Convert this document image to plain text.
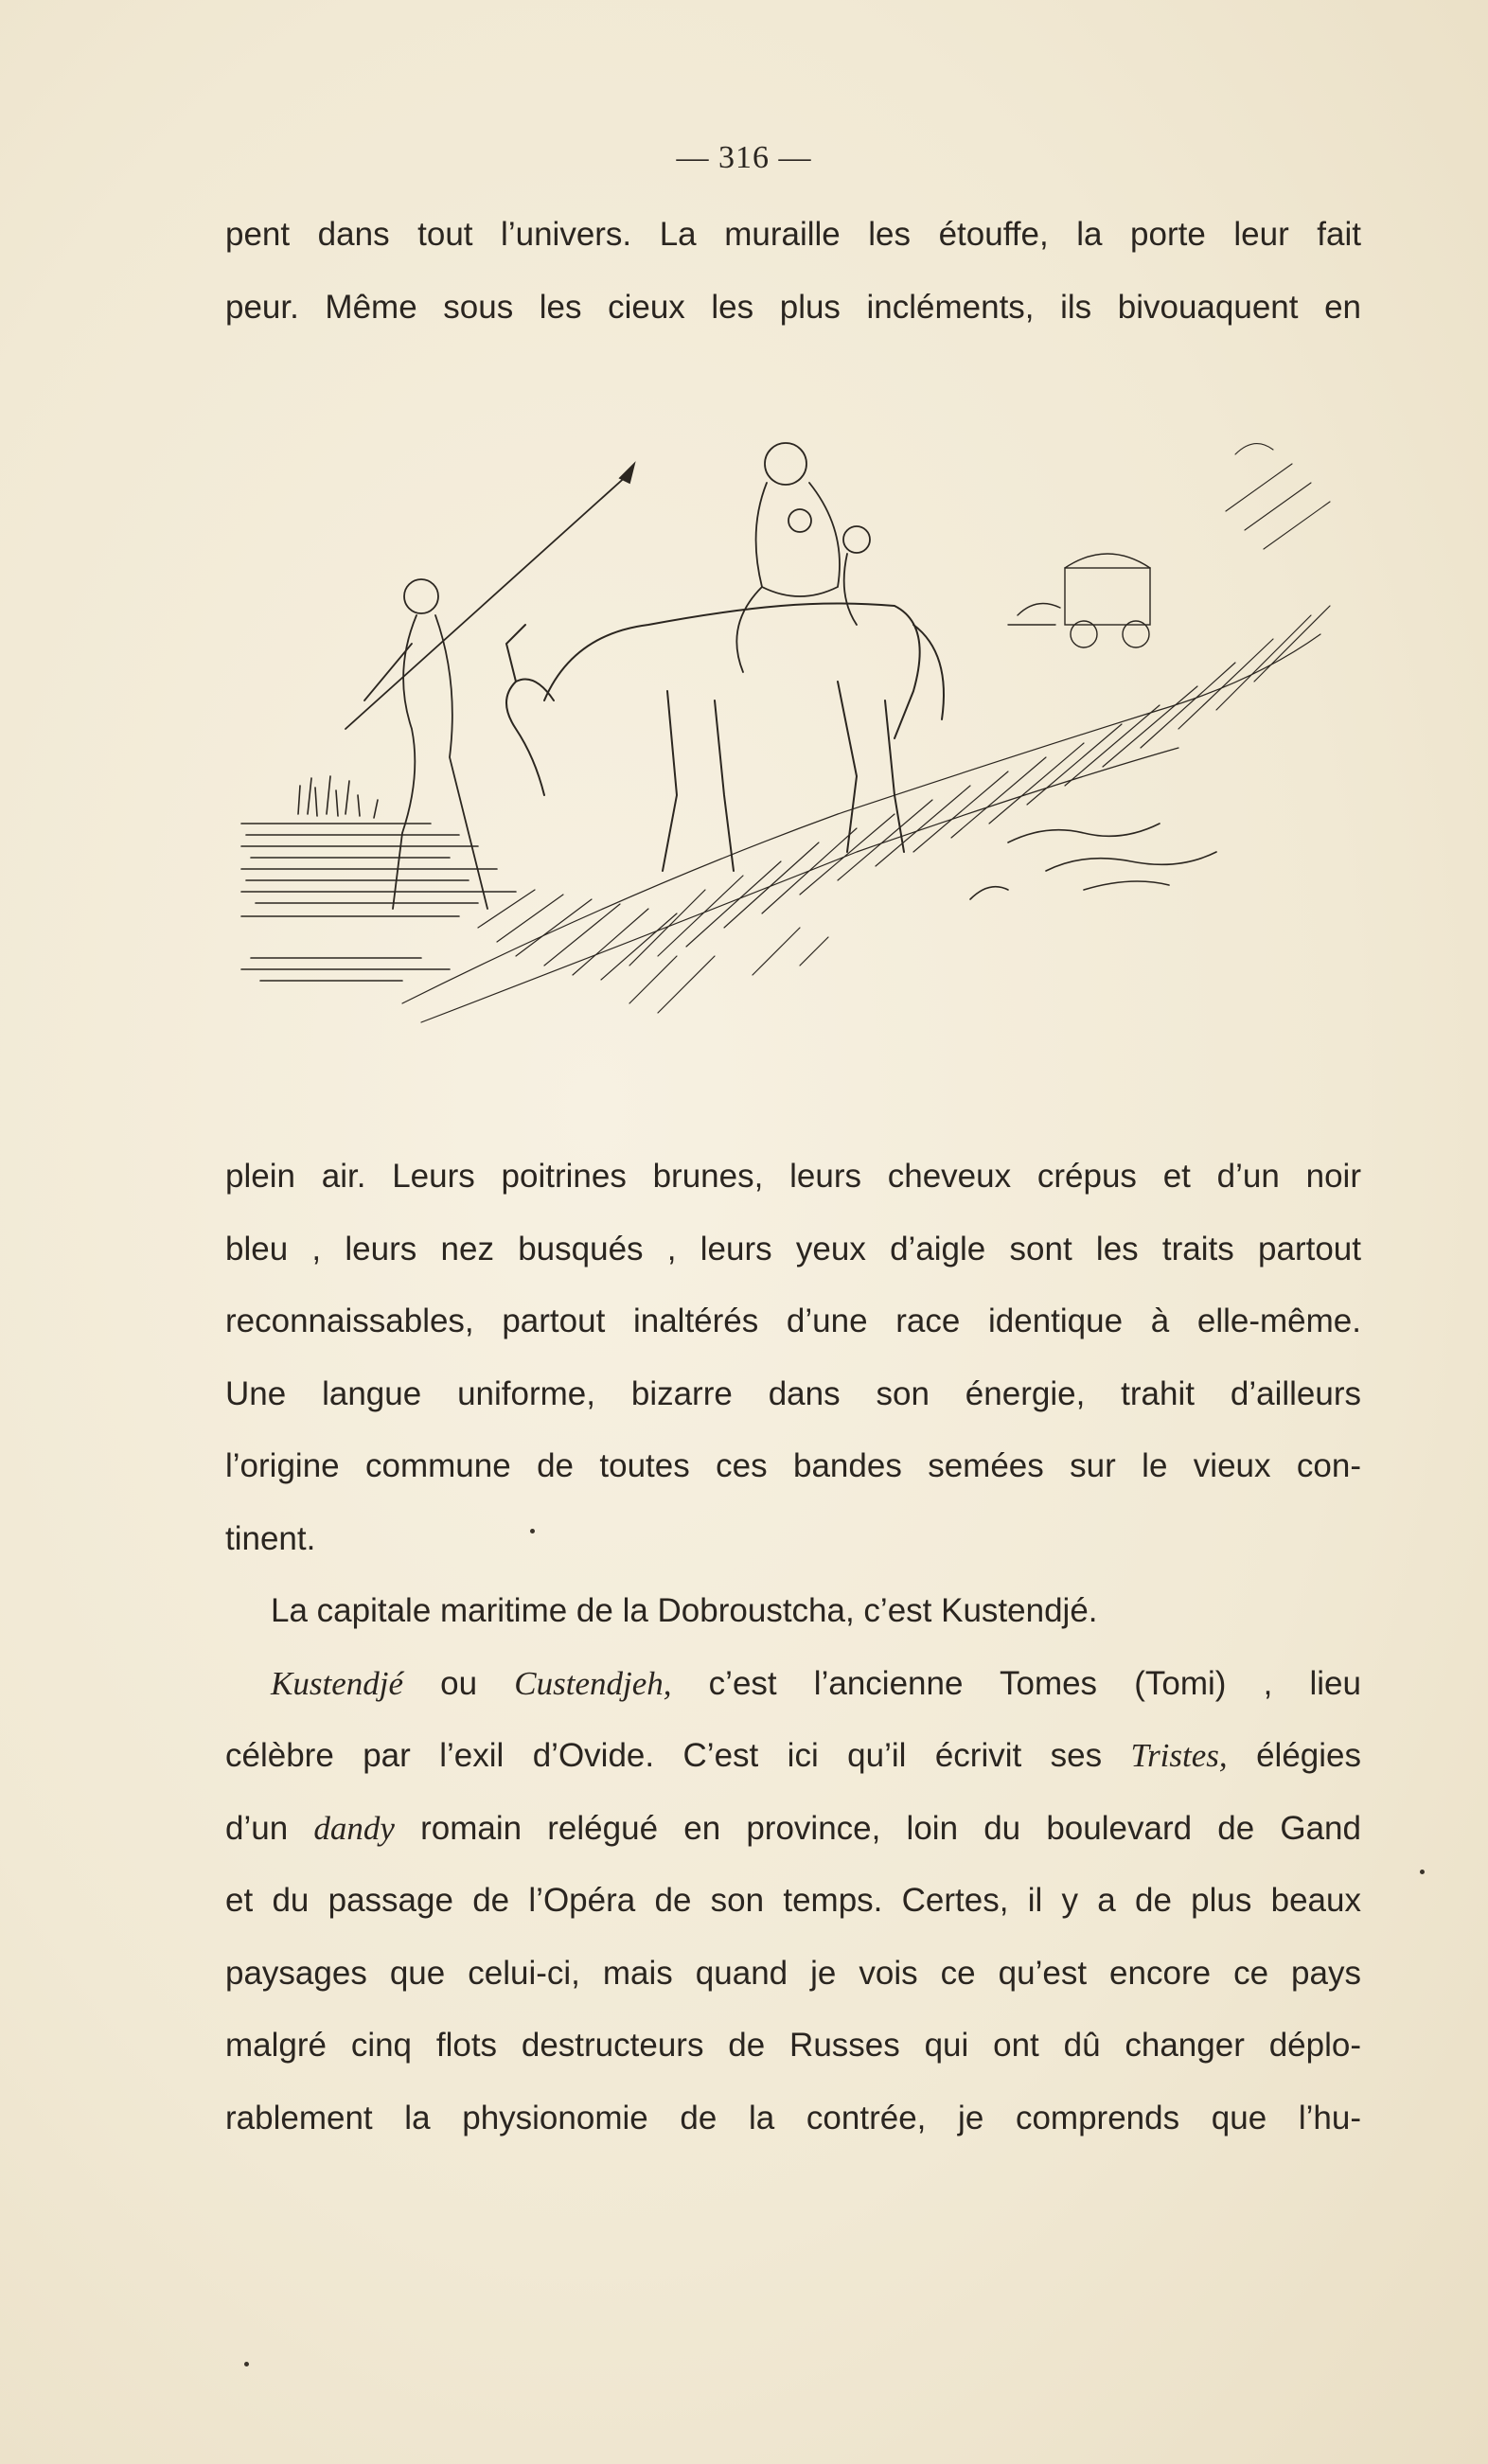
— 316 —
pent dans tout l’univers. La muraille les étouffe, la porte leur fait
peur. Même sous les cieux les plus incléments, ils bivouaquent en
plein air. Leurs poitrines brunes, leurs cheveux crépus et d’un noir
bleu , leurs nez busqués , leurs yeux d’aigle sont les traits partout
reconnaissables, partout inaltérés d’une race identique à elle-même.
Une langue uniforme, bizarre dans son énergie, trahit d’ailleurs
l’origine commune de toutes ces bandes semées sur le vieux con-
tinent.
La capitale maritime de la Dobroustcha, c’est Kustendjé.
Kustendjé ou Custendjeh, c’est l’ancienne Tomes (Tomi) , lieu
célèbre par l’exil d’Ovide. C’est ici qu’il écrivit ses Tristes, élégies
d’un dandy romain relégué en province, loin du boulevard de Gand
et du passage de l’Opéra de son temps. Certes, il y a de plus beaux
paysages que celui-ci, mais quand je vois ce qu’est encore ce pays
malgré cinq flots destructeurs de Russes qui ont dû changer déplo-
rablement la physionomie de la contrée, je comprends que l’hu-
